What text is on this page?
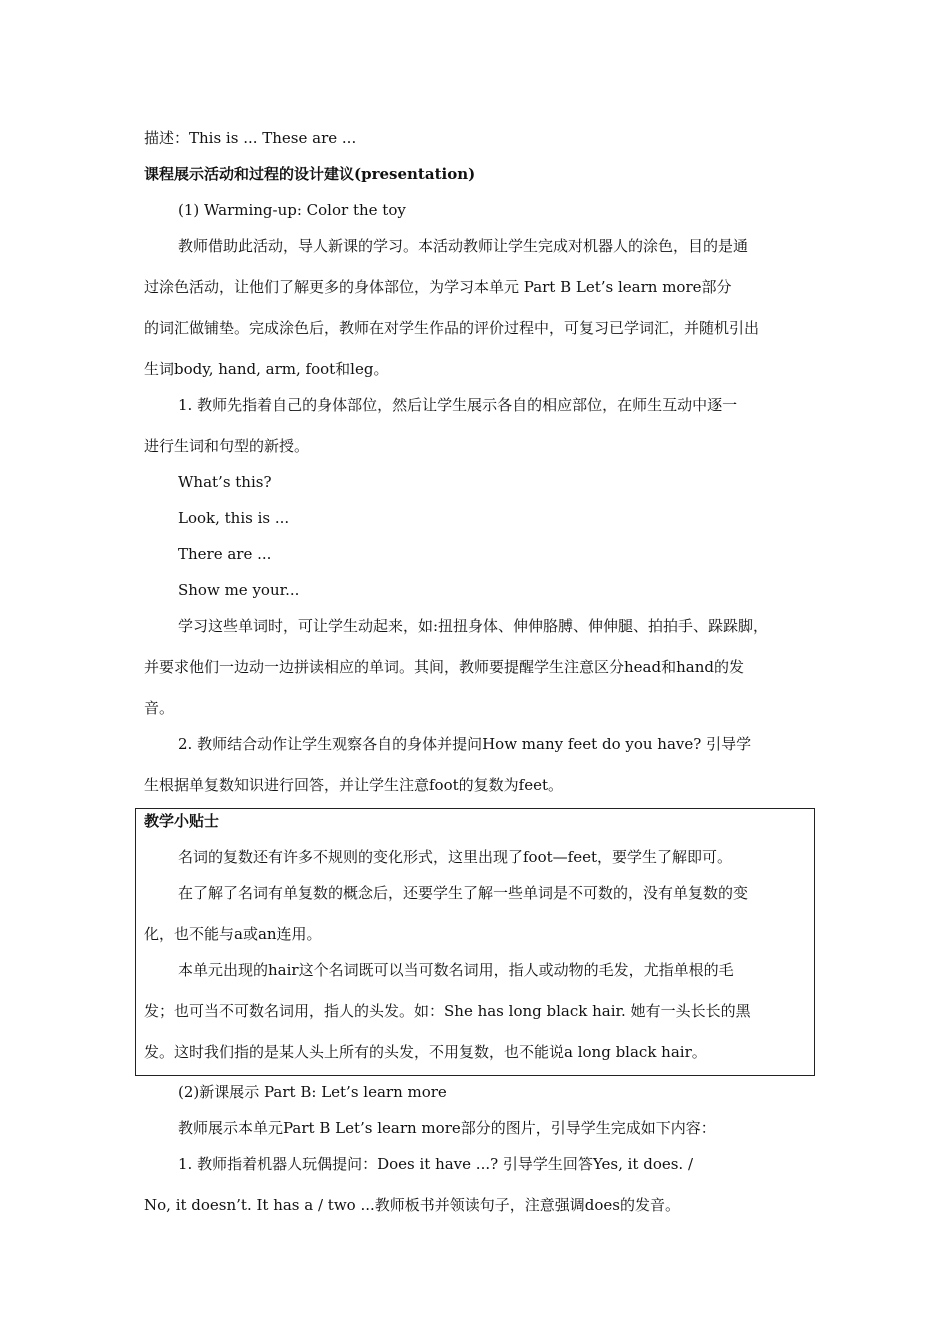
描述：This is ... These are ...
课程展示活动和过程的设计建议(presentation)
(1) Warming-up: Color the toy
教师借助此活动，导人新课的学习。本活动教师让学生完成对机器人的涂色，目的是通
过涂色活动，让他们了解更多的身体部位，为学习本单元 Part B Let’s learn more部分
的词汇做铺垫。完成涂色后，教师在对学生作品的评价过程中，可复习已学词汇，并随机引出
生词body, hand, arm, foot和leg。
1. 教师先指着自己的身体部位，然后让学生展示各自的相应部位，在师生互动中逐一
进行生词和句型的新授。
What’s this?
Look, this is ...
There are ...
Show me your...
学习这些单词时，可让学生动起来，如:扭扭身体、伸伸胳膊、伸伸腿、拍拍手、跺跺脚，
并要求他们一边动一边拼读相应的单词。其间，教师要提醒学生注意区分head和hand的发
音。
2. 教师结合动作让学生观察各自的身体并提问How many feet do you have? 引导学
生根据单复数知识进行回答，并让学生注意foot的复数为feet。
教学小贴士
名词的复数还有许多不规则的变化形式，这里出现了foot—feet，要学生了解即可。
在了解了名词有单复数的概念后，还要学生了解一些单词是不可数的，没有单复数的变
化，也不能与a或an连用。
本单元出现的hair这个名词既可以当可数名词用，指人或动物的毛发，尤指单根的毛
发；也可当不可数名词用，指人的头发。如：She has long black hair. 她有一头长长的黑
发。这时我们指的是某人头上所有的头发，不用复数，也不能说a long black hair。
(2)新课展示 Part B: Let’s learn more
教师展示本单元Part B Let’s learn more部分的图片，引导学生完成如下内容：
1. 教师指着机器人玩偶提问：Does it have ...? 引导学生回答Yes, it does. /
No, it doesn’t. It has a / two ...教师板书并领读句子，注意强调does的发音。
